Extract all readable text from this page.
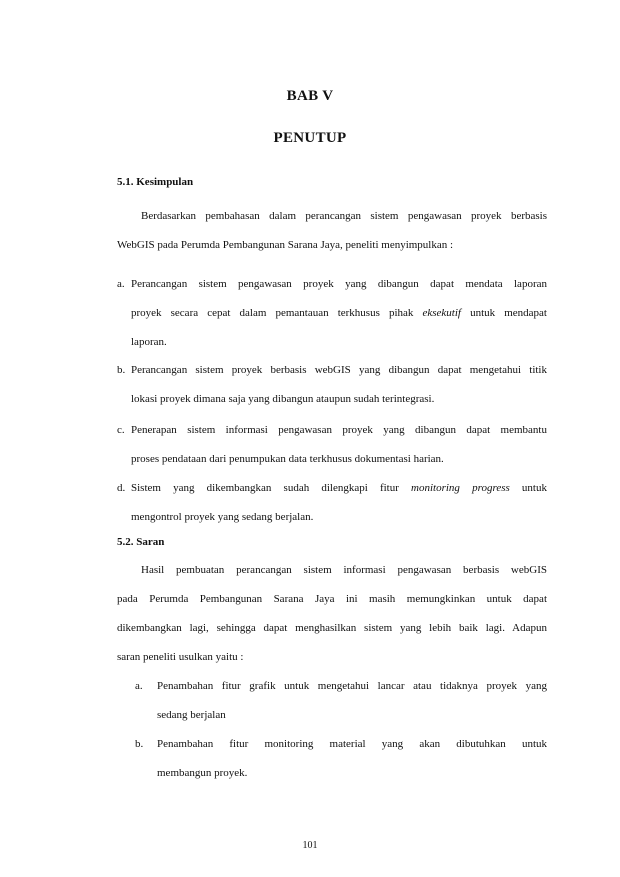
BAB V
PENUTUP
5.1. Kesimpulan
Berdasarkan pembahasan dalam perancangan sistem pengawasan proyek berbasis
WebGIS pada Perumda Pembangunan Sarana Jaya, peneliti menyimpulkan :
a. Perancangan sistem pengawasan proyek yang dibangun dapat mendata laporan
proyek secara cepat dalam pemantauan terkhusus pihak eksekutif untuk mendapat
laporan.
b. Perancangan sistem proyek berbasis webGIS yang dibangun dapat mengetahui titik
lokasi proyek dimana saja yang dibangun ataupun sudah terintegrasi.
c. Penerapan sistem informasi pengawasan proyek yang dibangun dapat membantu
proses pendataan dari penumpukan data terkhusus dokumentasi harian.
d. Sistem yang dikembangkan sudah dilengkapi fitur monitoring progress untuk
mengontrol proyek yang sedang berjalan.
5.2. Saran
Hasil pembuatan perancangan sistem informasi pengawasan berbasis webGIS
pada Perumda Pembangunan Sarana Jaya ini masih memungkinkan untuk dapat
dikembangkan lagi, sehingga dapat menghasilkan sistem yang lebih baik lagi. Adapun
saran peneliti usulkan yaitu :
a. Penambahan fitur grafik untuk mengetahui lancar atau tidaknya proyek yang
sedang berjalan
b. Penambahan fitur monitoring material yang akan dibutuhkan untuk
membangun proyek.
101
